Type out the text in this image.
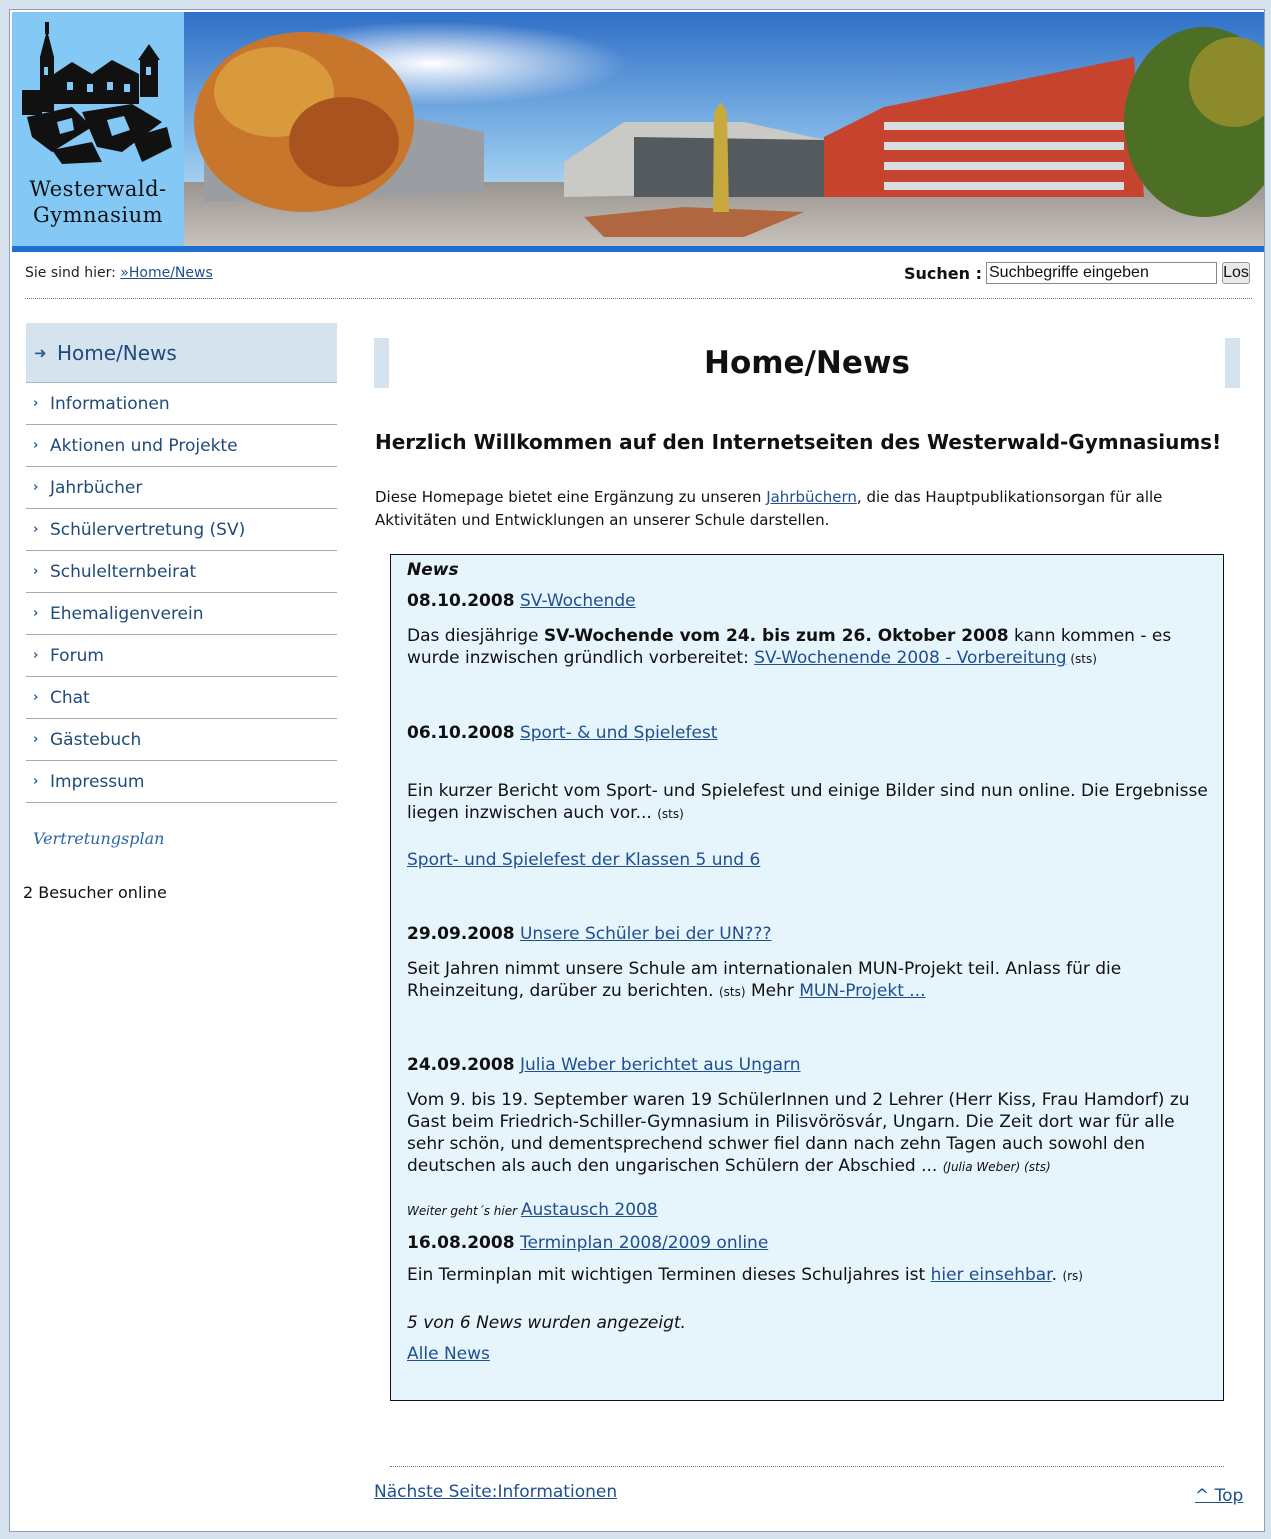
Westerwald-
Gymnasium
Sie sind hier: »Home/News	Suchen :
Suchbegriffe eingeben	Los
➜ Home/News
› Informationen
› Aktionen und Projekte
› Jahrbücher
› Schülervertretung (SV)
› Schulelternbeirat
› Ehemaligenverein
› Forum
› Chat
› Gästebuch
› Impressum
Vertretungsplan
2 Besucher online
Home/News
Herzlich Willkommen auf den Internetseiten des Westerwald-Gymnasiums!
Diese Homepage bietet eine Ergänzung zu unseren Jahrbüchern, die das Hauptpublikationsorgan für alle Aktivitäten und Entwicklungen an unserer Schule darstellen.
News
08.10.2008 SV-Wochende
Das diesjährige SV-Wochende vom 24. bis zum 26. Oktober 2008 kann kommen - es wurde inzwischen gründlich vorbereitet: SV-Wochenende 2008 - Vorbereitung (sts)
06.10.2008 Sport- & und Spielefest
Ein kurzer Bericht vom Sport- und Spielefest und einige Bilder sind nun online. Die Ergebnisse liegen inzwischen auch vor... (sts)
Sport- und Spielefest der Klassen 5 und 6
29.09.2008 Unsere Schüler bei der UN???
Seit Jahren nimmt unsere Schule am internationalen MUN-Projekt teil. Anlass für die Rheinzeitung, darüber zu berichten. (sts) Mehr MUN-Projekt ...
24.09.2008 Julia Weber berichtet aus Ungarn
Vom 9. bis 19. September waren 19 SchülerInnen und 2 Lehrer (Herr Kiss, Frau Hamdorf) zu Gast beim Friedrich-Schiller-Gymnasium in Pilisvörösvár, Ungarn. Die Zeit dort war für alle sehr schön, und dementsprechend schwer fiel dann nach zehn Tagen auch sowohl den deutschen als auch den ungarischen Schülern der Abschied ... (Julia Weber) (sts)
Weiter geht´s hier Austausch 2008
16.08.2008 Terminplan 2008/2009 online
Ein Terminplan mit wichtigen Terminen dieses Schuljahres ist hier einsehbar. (rs)
5 von 6 News wurden angezeigt.
Alle News
Nächste Seite:Informationen	^ Top
